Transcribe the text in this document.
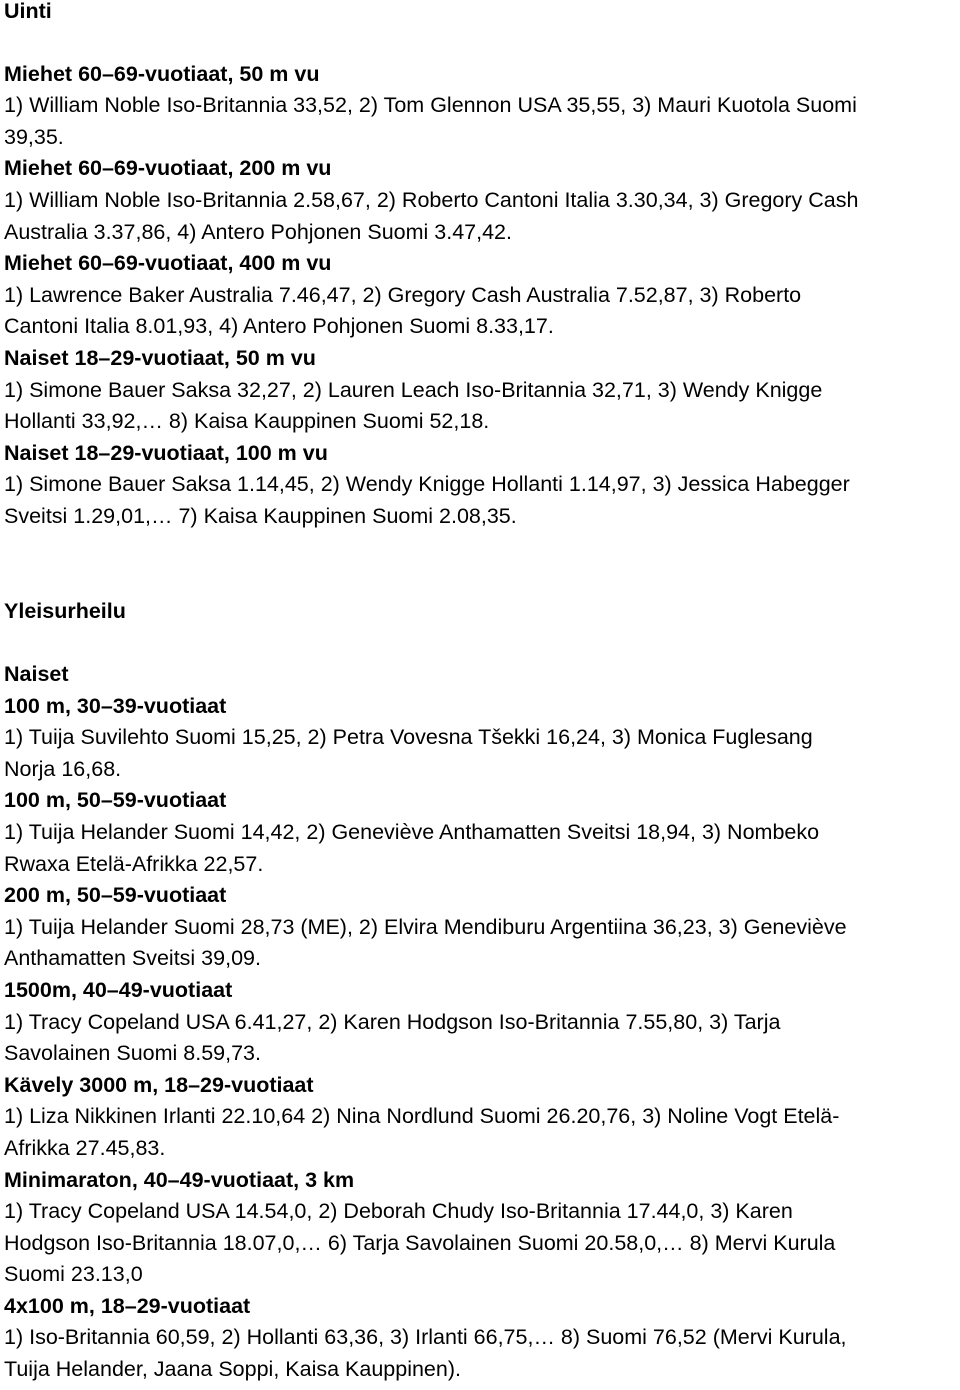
Uinti
Miehet 60–69-vuotiaat, 50 m vu
1) William Noble Iso-Britannia 33,52, 2) Tom Glennon USA 35,55, 3) Mauri Kuotola Suomi
39,35.
Miehet 60–69-vuotiaat, 200 m vu
1) William Noble Iso-Britannia 2.58,67, 2) Roberto Cantoni Italia 3.30,34, 3) Gregory Cash
Australia 3.37,86, 4) Antero Pohjonen Suomi 3.47,42.
Miehet 60–69-vuotiaat, 400 m vu
1) Lawrence Baker Australia 7.46,47, 2) Gregory Cash Australia 7.52,87, 3) Roberto
Cantoni Italia 8.01,93, 4) Antero Pohjonen Suomi 8.33,17.
Naiset 18–29-vuotiaat, 50 m vu
1) Simone Bauer Saksa 32,27, 2) Lauren Leach Iso-Britannia 32,71, 3) Wendy Knigge
Hollanti 33,92,… 8) Kaisa Kauppinen Suomi 52,18.
Naiset 18–29-vuotiaat, 100 m vu
1) Simone Bauer Saksa 1.14,45, 2) Wendy Knigge Hollanti 1.14,97, 3) Jessica Habegger
Sveitsi 1.29,01,… 7) Kaisa Kauppinen Suomi 2.08,35.
Yleisurheilu
Naiset
100 m, 30–39-vuotiaat
1) Tuija Suvilehto Suomi 15,25, 2) Petra Vovesna Tšekki 16,24, 3) Monica Fuglesang
Norja 16,68.
100 m, 50–59-vuotiaat
1) Tuija Helander Suomi 14,42, 2) Geneviève Anthamatten Sveitsi 18,94, 3) Nombeko
Rwaxa Etelä-Afrikka 22,57.
200 m, 50–59-vuotiaat
1) Tuija Helander Suomi 28,73 (ME), 2) Elvira Mendiburu Argentiina 36,23, 3) Geneviève
Anthamatten Sveitsi 39,09.
1500m, 40–49-vuotiaat
1) Tracy Copeland USA 6.41,27, 2) Karen Hodgson Iso-Britannia 7.55,80, 3) Tarja
Savolainen Suomi 8.59,73.
Kävely 3000 m, 18–29-vuotiaat
1) Liza Nikkinen Irlanti 22.10,64 2) Nina Nordlund Suomi 26.20,76, 3) Noline Vogt Etelä-
Afrikka 27.45,83.
Minimaraton, 40–49-vuotiaat, 3 km
1) Tracy Copeland USA 14.54,0, 2) Deborah Chudy Iso-Britannia 17.44,0, 3) Karen
Hodgson Iso-Britannia 18.07,0,… 6) Tarja Savolainen Suomi 20.58,0,… 8) Mervi Kurula
Suomi 23.13,0
4x100 m, 18–29-vuotiaat
1) Iso-Britannia 60,59, 2) Hollanti 63,36, 3) Irlanti 66,75,… 8) Suomi 76,52 (Mervi Kurula,
Tuija Helander, Jaana Soppi, Kaisa Kauppinen).
